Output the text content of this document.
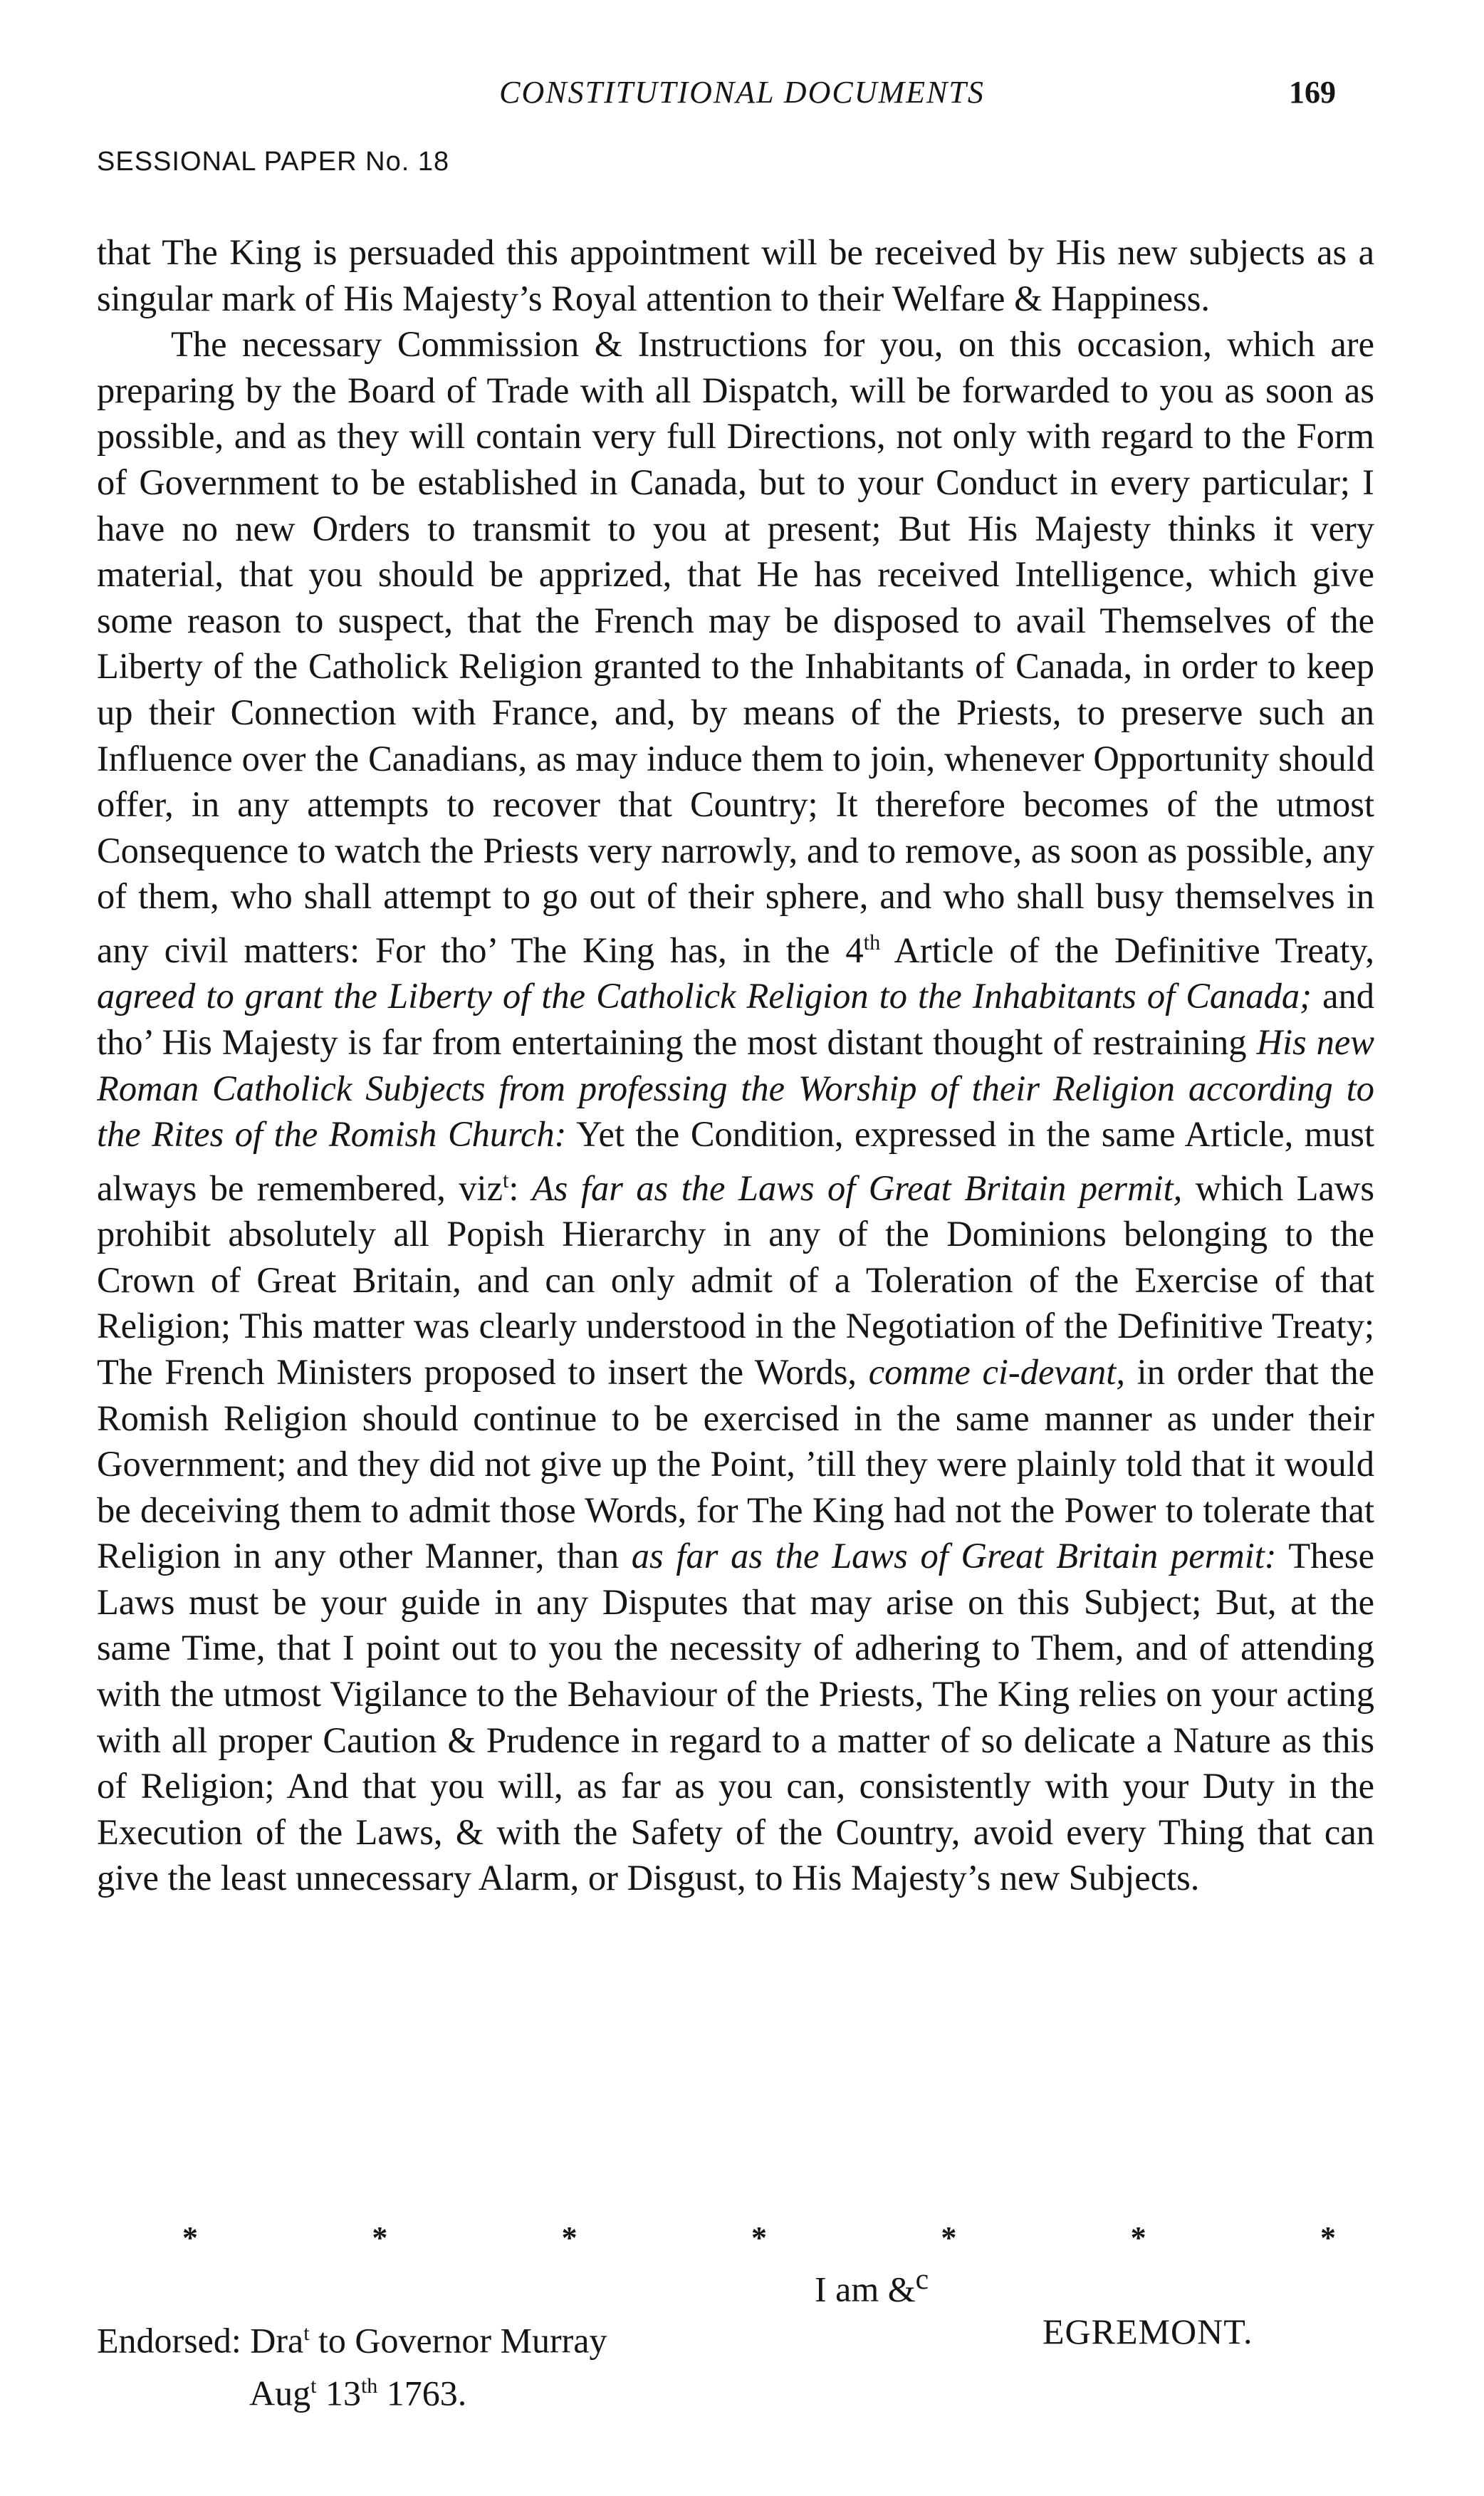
CONSTITUTIONAL DOCUMENTS	169
SESSIONAL PAPER No. 18

that The King is persuaded this appointment will be received by His new subjects as a singular mark of His Majesty’s Royal attention to their Welfare & Happiness.

The necessary Commission & Instructions for you, on this occasion, which are preparing by the Board of Trade with all Dispatch, will be forwarded to you as soon as possible, and as they will contain very full Directions, not only with regard to the Form of Government to be established in Canada, but to your Conduct in every particular; I have no new Orders to transmit to you at present; But His Majesty thinks it very material, that you should be apprized, that He has received Intelligence, which give some reason to suspect, that the French may be disposed to avail Themselves of the Liberty of the Catholick Religion granted to the Inhabitants of Canada, in order to keep up their Connection with France, and, by means of the Priests, to preserve such an Influence over the Canadians, as may induce them to join, whenever Opportunity should offer, in any attempts to recover that Country; It therefore becomes of the utmost Consequence to watch the Priests very narrowly, and to remove, as soon as possible, any of them, who shall attempt to go out of their sphere, and who shall busy themselves in any civil matters: For tho’ The King has, in the 4th Article of the Definitive Treaty, agreed to grant the Liberty of the Catholick Religion to the Inhabitants of Canada; and tho’ His Majesty is far from entertaining the most distant thought of restraining His new Roman Catholick Subjects from professing the Worship of their Religion according to the Rites of the Romish Church: Yet the Condition, expressed in the same Article, must always be remembered, viz$^t$: As far as the Laws of Great Britain permit, which Laws prohibit absolutely all Popish Hierarchy in any of the Dominions belonging to the Crown of Great Britain, and can only admit of a Toleration of the Exercise of that Religion; This matter was clearly understood in the Negotiation of the Definitive Treaty; The French Ministers proposed to insert the Words, comme ci-devant, in order that the Romish Religion should continue to be exercised in the same manner as under their Government; and they did not give up the Point, ’till they were plainly told that it would be deceiving them to admit those Words, for The King had not the Power to tolerate that Religion in any other Manner, than as far as the Laws of Great Britain permit: These Laws must be your guide in any Disputes that may arise on this Subject; But, at the same Time, that I point out to you the necessity of adhering to Them, and of attending with the utmost Vigilance to the Behaviour of the Priests, The King relies on your acting with all proper Caution & Prudence in regard to a matter of so delicate a Nature as this of Religion; And that you will, as far as you can, consistently with your Duty in the Execution of the Laws, & with the Safety of the Country, avoid every Thing that can give the least unnecessary Alarm, or Disgust, to His Majesty’s new Subjects.

*	*	*	*	*	*	*
I am &$^c$
Endorsed: Dra$^t$ to Governor Murray
Aug$^t$ 13th 1763.
EGREMONT.
